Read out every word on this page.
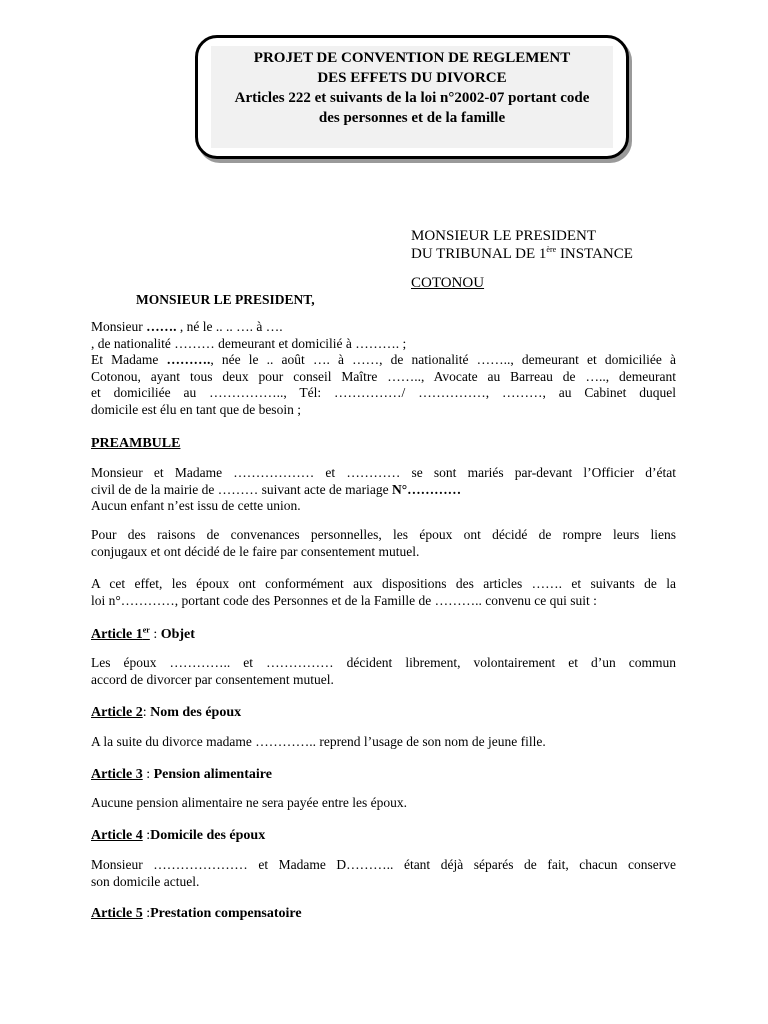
PROJET DE CONVENTION DE REGLEMENT
DES EFFETS DU DIVORCE
Articles 222 et suivants de la loi n°2002-07 portant code
des personnes et de la famille
MONSIEUR LE PRESIDENT
DU TRIBUNAL DE 1ère INSTANCE
COTONOU
MONSIEUR LE PRESIDENT,
Monsieur ……. , né le .. .. …. à ….
, de nationalité ……… demeurant et domicilié à ………. ;
Et Madame ………., née le .. août …. à ……, de nationalité …….., demeurant et domiciliée à
Cotonou, ayant tous deux pour conseil Maître …….., Avocate au Barreau de ….., demeurant
et domiciliée au …………….., Tél: ……………/ ……………, ………, au Cabinet duquel
domicile est élu en tant que de besoin ;
PREAMBULE
Monsieur et Madame ……………… et ………… se sont mariés par-devant l’Officier d’état
civil de de la mairie de ……… suivant acte de mariage N°…………
Aucun enfant n’est issu de cette union.
Pour des raisons de convenances personnelles, les époux ont décidé de rompre leurs liens
conjugaux et ont décidé de le faire par consentement mutuel.
A cet effet, les époux ont conformément aux dispositions des articles ……. et suivants de la
loi n°…………, portant code des Personnes et de la Famille de ……….. convenu ce qui suit :
Article 1er : Objet
Les époux ………….. et …………… décident librement, volontairement et d’un commun
accord de divorcer par consentement mutuel.
Article 2: Nom des époux
A la suite du divorce madame ………….. reprend l’usage de son nom de jeune fille.
Article 3 : Pension alimentaire
Aucune pension alimentaire ne sera payée entre les époux.
Article 4 :Domicile des époux
Monsieur ………………… et Madame D……….. étant déjà séparés de fait, chacun conserve
son domicile actuel.
Article 5 :Prestation compensatoire
